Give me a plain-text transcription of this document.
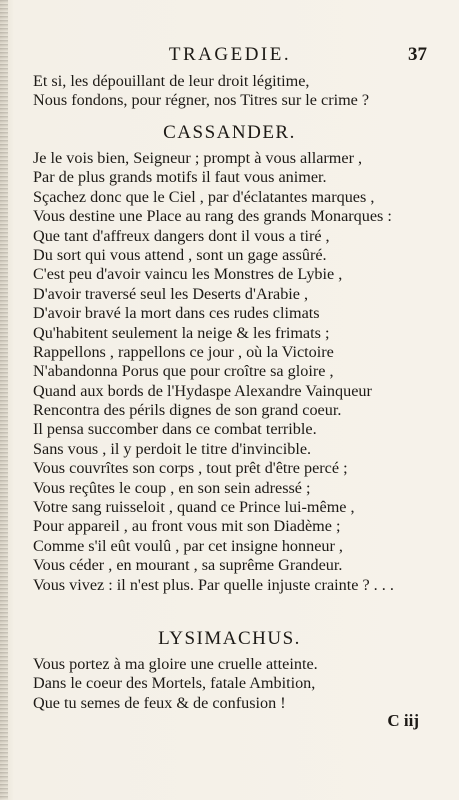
TRAGEDIE.	37
Et si, les dépouillant de leur droit légitime,
Nous fondons, pour régner, nos Titres sur le crime ?
CASSANDER.
Je le vois bien, Seigneur ; prompt à vous allarmer ,
Par de plus grands motifs il faut vous animer.
Sçachez donc que le Ciel , par d'éclatantes marques ,
Vous destine une Place au rang des grands Monarques :
Que tant d'affreux dangers dont il vous a tiré ,
Du sort qui vous attend , sont un gage assûré.
C'est peu d'avoir vaincu les Monstres de Lybie ,
D'avoir traversé seul les Deserts d'Arabie ,
D'avoir bravé la mort dans ces rudes climats
Qu'habitent seulement la neige & les frimats ;
Rappellons , rappellons ce jour , où la Victoire
N'abandonna Porus que pour croître sa gloire ,
Quand aux bords de l'Hydaspe Alexandre Vainqueur
Rencontra des périls dignes de son grand coeur.
Il pensa succomber dans ce combat terrible.
Sans vous , il y perdoit le titre d'invincible.
Vous couvrîtes son corps , tout prêt d'être percé ;
Vous reçûtes le coup , en son sein adressé ;
Votre sang ruisseloit , quand ce Prince lui-même ,
Pour appareil , au front vous mit son Diadème ;
Comme s'il eût voulû , par cet insigne honneur ,
Vous céder , en mourant , sa suprême Grandeur.
Vous vivez : il n'est plus. Par quelle injuste crainte ? . . .
LYSIMACHUS.
Vous portez à ma gloire une cruelle atteinte.
Dans le coeur des Mortels, fatale Ambition,
Que tu semes de feux & de confusion !
C iij
